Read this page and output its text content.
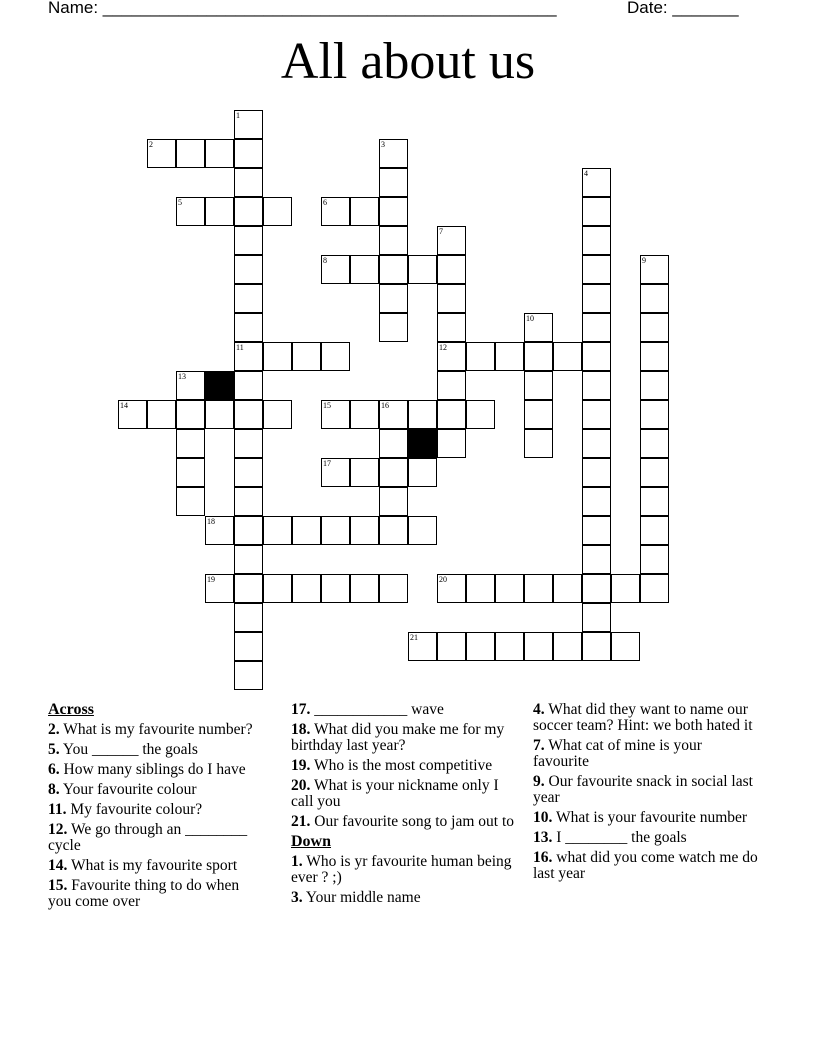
Name: ________________________________________________	Date: _______
All about us
2
5	6
8
11	12
14	15	16
17
18
19	20
21
1
3
4
7
9
10
13
Across
2. What is my favourite number?
5. You ______ the goals
6. How many siblings do I have
8. Your favourite colour
11. My favourite colour?
12. We go through an ________ cycle
14. What is my favourite sport
15. Favourite thing to do when you come over
17. ____________ wave
18. What did you make me for my birthday last year?
19. Who is the most competitive
20. What is your nickname only I call you
21. Our favourite song to jam out to
Down
1. Who is yr favourite human being ever ? ;)
3. Your middle name
4. What did they want to name our soccer team? Hint: we both hated it
7. What cat of mine is your favourite
9. Our favourite snack in social last year
10. What is your favourite number
13. I ________ the goals
16. what did you come watch me do last year
